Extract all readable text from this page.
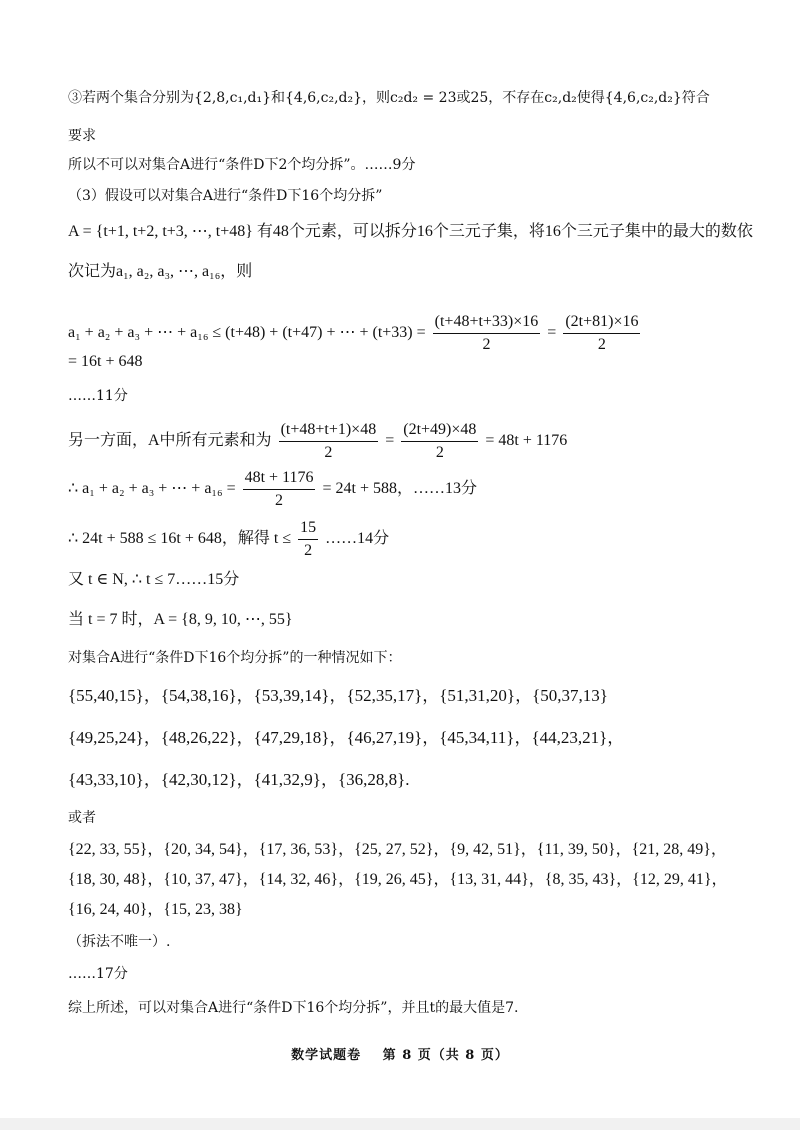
③若两个集合分别为{2,8,c₁,d₁}和{4,6,c₂,d₂}，则c₂d₂ = 23或25，不存在c₂,d₂使得{4,6,c₂,d₂}符合
要求
所以不可以对集合A进行“条件D下2个均分拆”。……9分
（3）假设可以对集合A进行“条件D下16个均分拆”
A = {t+1, t+2, t+3, ⋯, t+48} 有48个元素，可以拆分16个三元子集，将16个三元子集中的最大的数依
次记为a₁, a₂, a₃, ⋯, a₁₆，则
a₁ + a₂ + a₃ + ⋯ + a₁₆ ≤ (t+48) + (t+47) + ⋯ + $(t+33) = \frac{(t+48+t+33)\times 16}{2} = \frac{(2t+81)\times 16}{2}$
= 16t + 648
……11分
另一方面，A中所有元素和为 $\frac{(t+48+t+1)\times 48}{2} = \frac{(2t+49)\times 48}{2} = 48t + 1176$
∴ a₁ + a₂ + a₃ + ⋯ + $a_{16} = \frac{48t + 1176}{2} = 24t + 588$，……13分
∴ 24t + 588 ≤ 16t + 648，解得 $t \le \frac{15}{2}$ ……14分
又 t ∈ N, ∴ t ≤ 7……15分
当 t = 7 时，A = {8, 9, 10, ⋯, 55}
对集合A进行“条件D下16个均分拆”的一种情况如下：
{55,40,15}，{54,38,16}，{53,39,14}，{52,35,17}，{51,31,20}，{50,37,13}
{49,25,24}，{48,26,22}，{47,29,18}，{46,27,19}，{45,34,11}，{44,23,21}，
{43,33,10}，{42,30,12}，{41,32,9}，{36,28,8}.
或者
{22, 33, 55}，{20, 34, 54}，{17, 36, 53}，{25, 27, 52}，{9, 42, 51}，{11, 39, 50}，{21, 28, 49}，
{18, 30, 48}，{10, 37, 47}，{14, 32, 46}，{19, 26, 45}，{13, 31, 44}，{8, 35, 43}，{12, 29, 41}，
{16, 24, 40}，{15, 23, 38}
（拆法不唯一）.
……17分
综上所述，可以对集合A进行“条件D下16个均分拆”，并且t的最大值是7.
数学试题卷 第 8 页（共 8 页）
